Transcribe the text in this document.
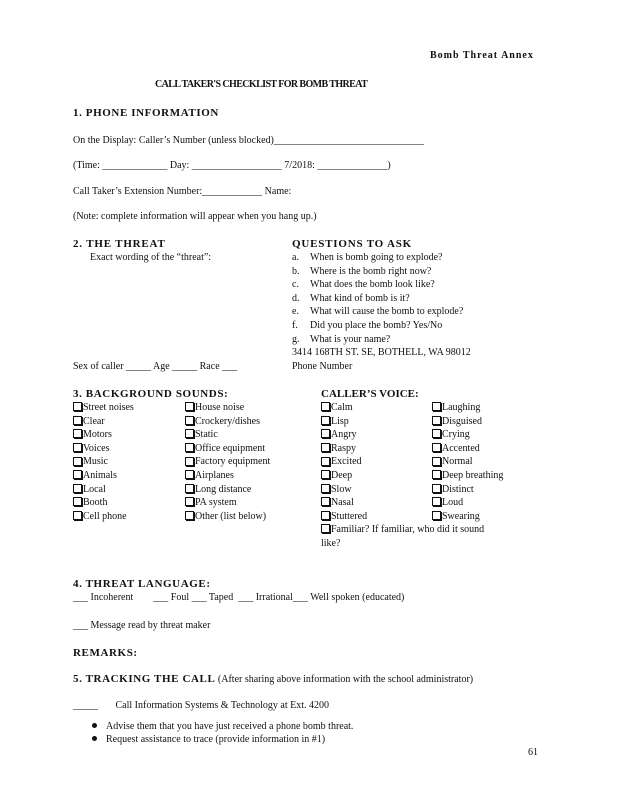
Bomb Threat Annex
CALL TAKER'S CHECKLIST FOR BOMB THREAT
1. PHONE INFORMATION
On the Display: Caller’s Number (unless blocked)______________________________
(Time: _____________ Day: __________________ 7/2018: ______________)
Call Taker’s Extension Number:____________ Name:
(Note: complete information will appear when you hang up.)
2. THE THREAT
Exact wording of the “threat”:
QUESTIONS TO ASK
a. When is bomb going to explode?
b. Where is the bomb right now?
c. What does the bomb look like?
d. What kind of bomb is it?
e. What will cause the bomb to explode?
f. Did you place the bomb? Yes/No
g. What is your name?
3414 168TH ST. SE, BOTHELL, WA 98012
Sex of caller _____ Age _____ Race ___	Phone Number
3. BACKGROUND SOUNDS:	CALLER’S VOICE:
Street noises
Clear
Motors
Voices
Music
Animals
Local
Booth
Cell phone
House noise
Crockery/dishes
Static
Office equipment
Factory equipment
Airplanes
Long distance
PA system
Other (list below)
Calm
Lisp
Angry
Raspy
Excited
Deep
Slow
Nasal
Stuttered
Laughing
Disguised
Crying
Accented
Normal
Deep breathing
Distinct
Loud
Swearing
Familiar? If familiar, who did it sound
like?
4. THREAT LANGUAGE:
___ Incoherent        ___ Foul ___ Taped  ___ Irrational___ Well spoken (educated)
___ Message read by threat maker
REMARKS:
5. TRACKING THE CALL (After sharing above information with the school administrator)
_____       Call Information Systems & Technology at Ext. 4200
Advise them that you have just received a phone bomb threat.
Request assistance to trace (provide information in #1)
61
